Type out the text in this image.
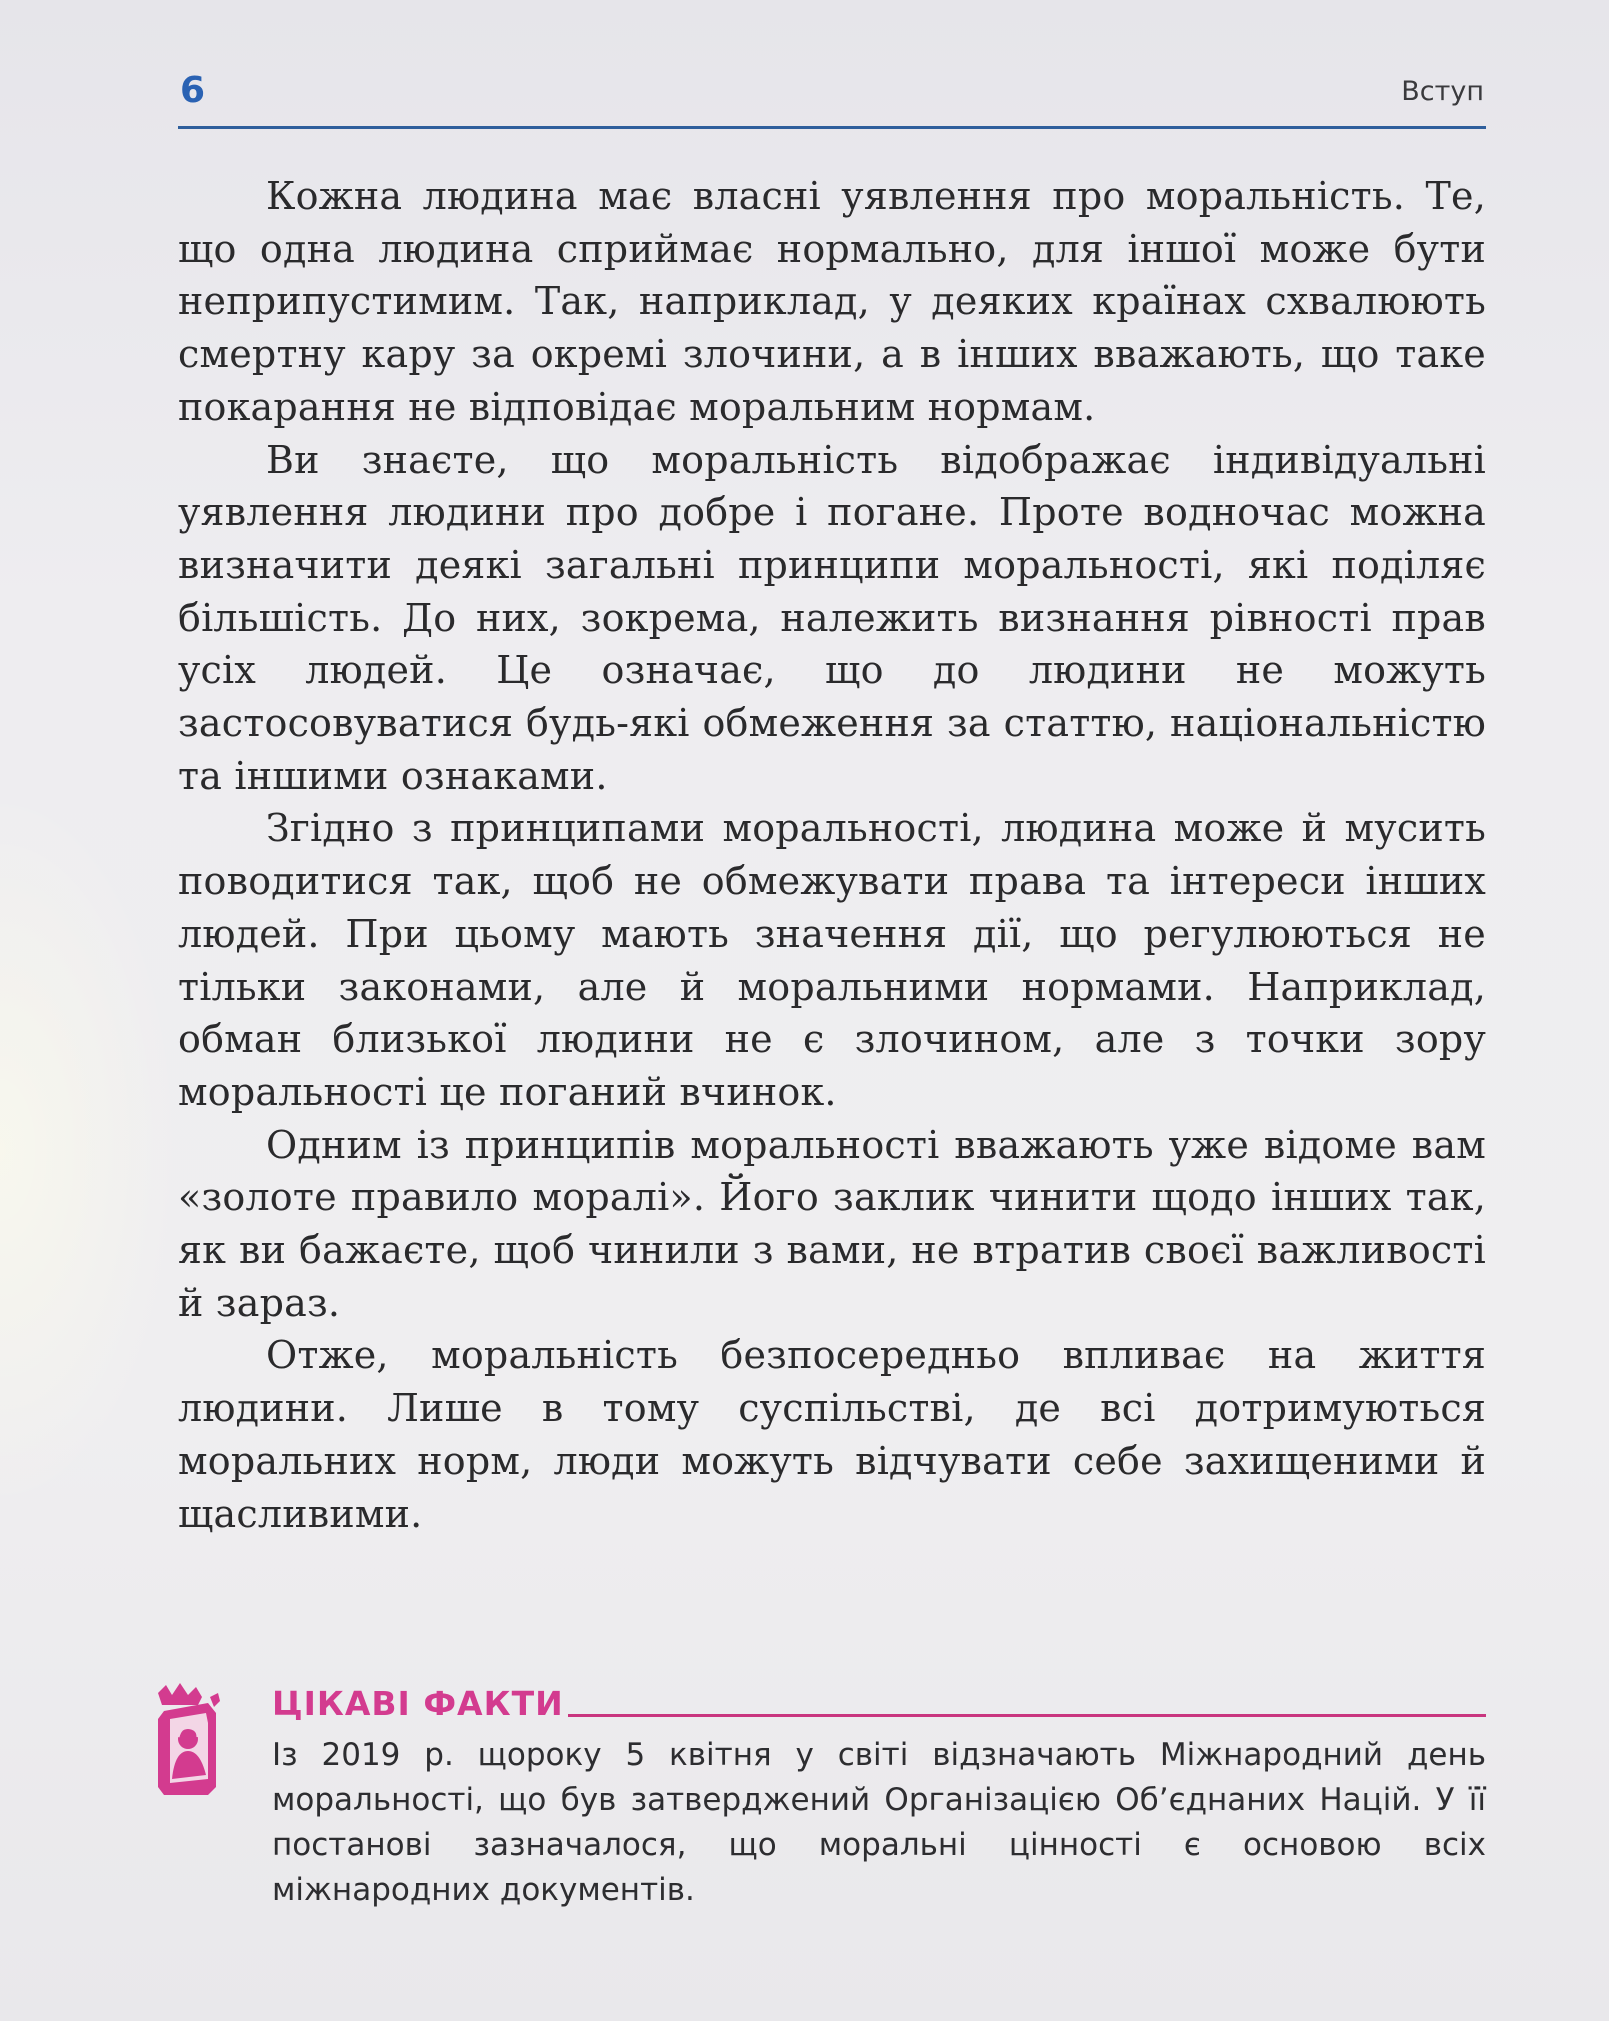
6	Вступ

Кожна людина має власні уявлення про моральність. Те, що одна людина сприймає нормально, для іншої може бути неприпустимим. Так, наприклад, у деяких країнах схвалюють смертну кару за окремі злочини, а в інших вважають, що таке покарання не відповідає моральним нормам.

Ви знаєте, що моральність відображає індивідуальні уявлення людини про добре і погане. Проте водночас можна визначити деякі загальні принципи моральності, які поділяє більшість. До них, зокрема, належить визнання рівності прав усіх людей. Це означає, що до людини не можуть застосовуватися будь-які обмеження за статтю, національністю та іншими ознаками.

Згідно з принципами моральності, людина може й мусить поводитися так, щоб не обмежувати права та інтереси інших людей. При цьому мають значення дії, що регулюються не тільки законами, але й моральними нормами. Наприклад, обман близької людини не є злочином, але з точки зору моральності це поганий вчинок.

Одним із принципів моральності вважають уже відоме вам «золоте правило моралі». Його заклик чинити щодо інших так, як ви бажаєте, щоб чинили з вами, не втратив своєї важливості й зараз.

Отже, моральність безпосередньо впливає на життя людини. Лише в тому суспільстві, де всі дотримуються моральних норм, люди можуть відчувати себе захищеними й щасливими.

ЦІКАВІ ФАКТИ

Із 2019 р. щороку 5 квітня у світі відзначають Міжнародний день моральності, що був затверджений Організацією Об’єднаних Націй. У її постанові зазначалося, що моральні цінності є основою всіх міжнародних документів.
